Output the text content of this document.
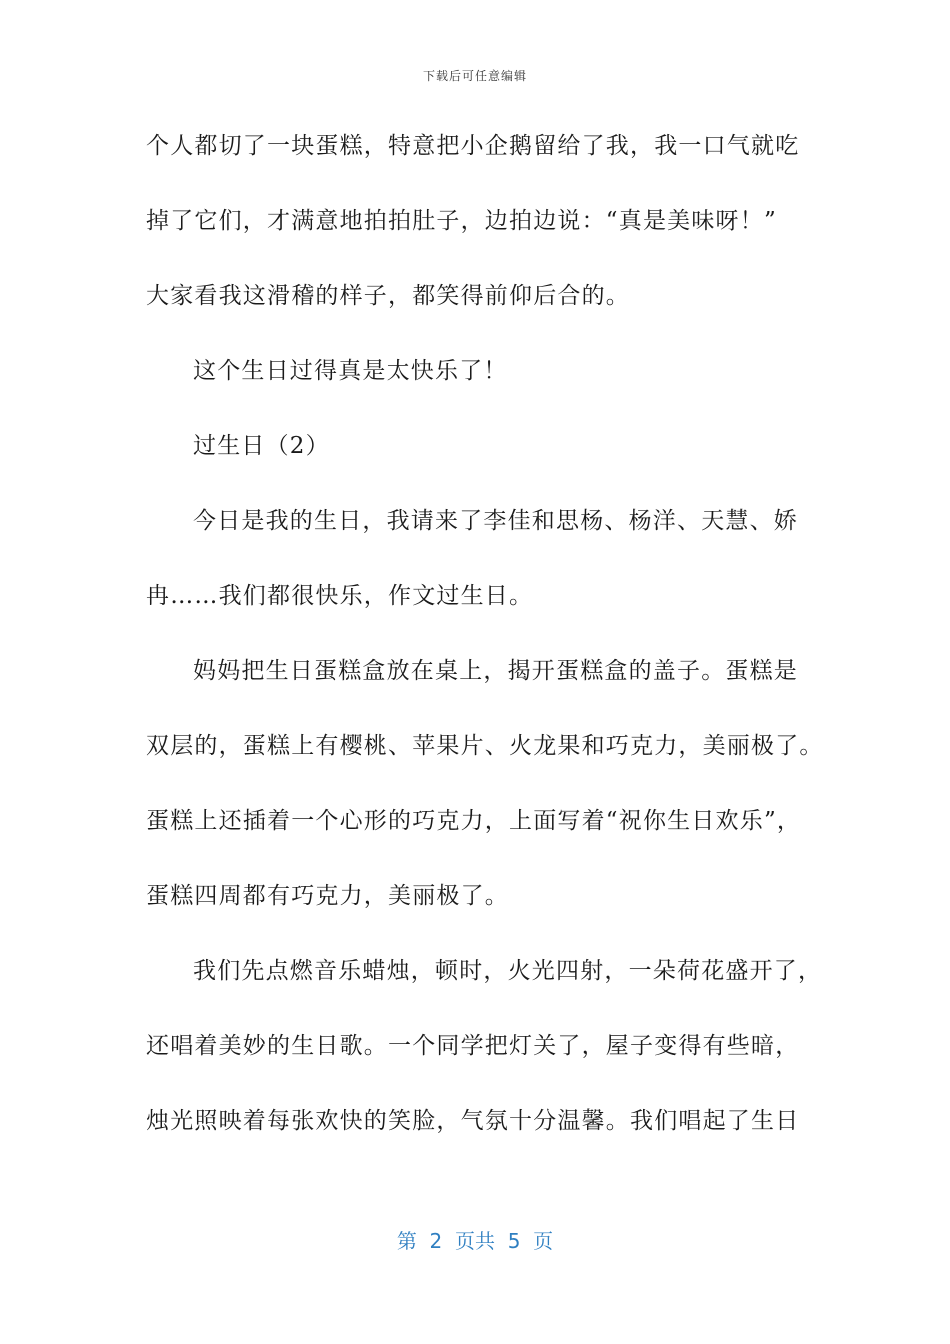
下载后可任意编辑
个人都切了一块蛋糕，特意把小企鹅留给了我，我一口气就吃
掉了它们，才满意地拍拍肚子，边拍边说：“真是美味呀！”
大家看我这滑稽的样子，都笑得前仰后合的。
这个生日过得真是太快乐了！
过生日（2）
今日是我的生日，我请来了李佳和思杨、杨洋、天慧、娇
冉……我们都很快乐，作文过生日。
妈妈把生日蛋糕盒放在桌上，揭开蛋糕盒的盖子。蛋糕是
双层的，蛋糕上有樱桃、苹果片、火龙果和巧克力，美丽极了。
蛋糕上还插着一个心形的巧克力，上面写着“祝你生日欢乐”，
蛋糕四周都有巧克力，美丽极了。
我们先点燃音乐蜡烛，顿时，火光四射，一朵荷花盛开了，
还唱着美妙的生日歌。一个同学把灯关了，屋子变得有些暗，
烛光照映着每张欢快的笑脸，气氛十分温馨。我们唱起了生日
第  2  页共  5  页
